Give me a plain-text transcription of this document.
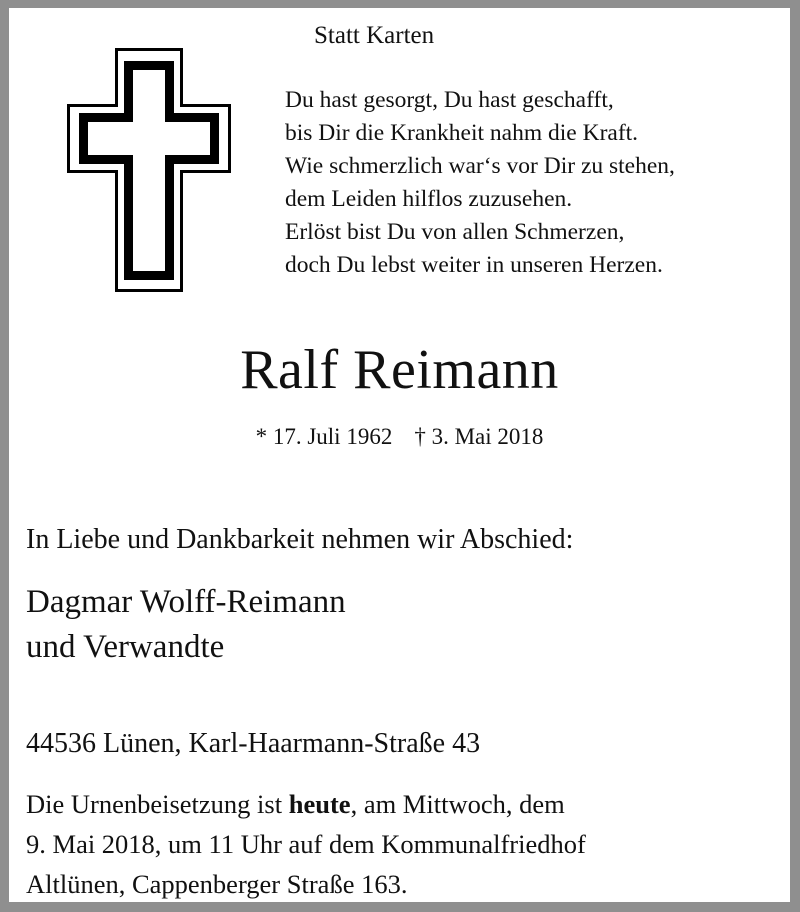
Statt Karten
Du hast gesorgt, Du hast geschafft,
bis Dir die Krankheit nahm die Kraft.
Wie schmerzlich war‘s vor Dir zu stehen,
dem Leiden hilflos zuzusehen.
Erlöst bist Du von allen Schmerzen,
doch Du lebst weiter in unseren Herzen.
Ralf Reimann
* 17. Juli 1962 † 3. Mai 2018
In Liebe und Dankbarkeit nehmen wir Abschied:
Dagmar Wolff-Reimann
und Verwandte
44536 Lünen, Karl-Haarmann-Straße 43
Die Urnenbeisetzung ist heute, am Mittwoch, dem
9. Mai 2018, um 11 Uhr auf dem Kommunalfriedhof
Altlünen, Cappenberger Straße 163.
